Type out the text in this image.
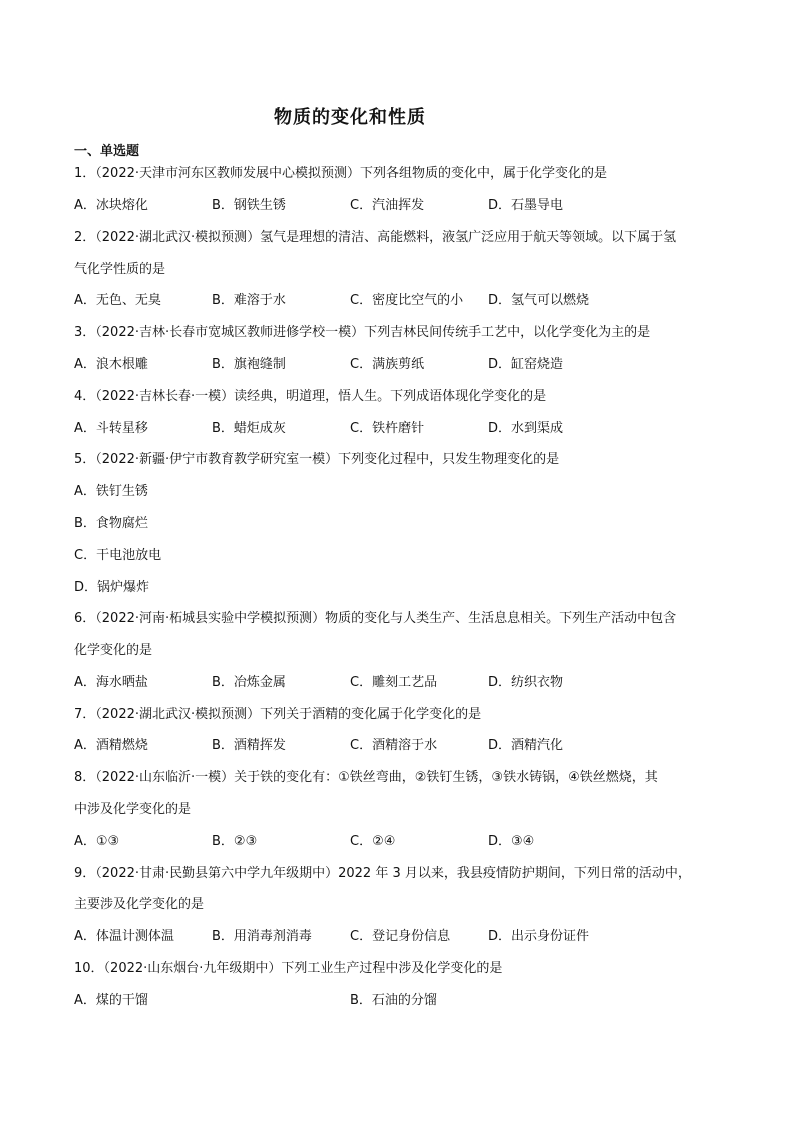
物质的变化和性质
一、单选题
1．（2022·天津市河东区教师发展中心模拟预测）下列各组物质的变化中，属于化学变化的是
A．冰块熔化	B．钢铁生锈	C．汽油挥发	D．石墨导电
2．（2022·湖北武汉·模拟预测）氢气是理想的清洁、高能燃料，液氢广泛应用于航天等领域。以下属于氢
气化学性质的是
A．无色、无臭	B．难溶于水	C．密度比空气的小 D．氢气可以燃烧
3．（2022·吉林·长春市宽城区教师进修学校一模）下列吉林民间传统手工艺中，以化学变化为主的是
A．浪木根雕	B．旗袍缝制	C．满族剪纸	D．缸窑烧造
4．（2022·吉林长春·一模）读经典，明道理，悟人生。下列成语体现化学变化的是
A．斗转星移	B．蜡炬成灰	C．铁杵磨针	D．水到渠成
5．（2022·新疆·伊宁市教育教学研究室一模）下列变化过程中，只发生物理变化的是
A．铁钉生锈
B．食物腐烂
C．干电池放电
D．锅炉爆炸
6．（2022·河南·柘城县实验中学模拟预测）物质的变化与人类生产、生活息息相关。下列生产活动中包含
化学变化的是
A．海水晒盐	B．冶炼金属	C．雕刻工艺品	D．纺织衣物
7．（2022·湖北武汉·模拟预测）下列关于酒精的变化属于化学变化的是
A．酒精燃烧	B．酒精挥发	C．酒精溶于水	D．酒精汽化
8．（2022·山东临沂·一模）关于铁的变化有：①铁丝弯曲，②铁钉生锈，③铁水铸锅，④铁丝燃烧，其
中涉及化学变化的是
A．①③	B．②③	C．②④	D．③④
9．（2022·甘肃·民勤县第六中学九年级期中）2022 年 3 月以来，我县疫情防护期间，下列日常的活动中，
主要涉及化学变化的是
A．体温计测体温	B．用消毒剂消毒	C．登记身份信息	D．出示身份证件
10．（2022·山东烟台·九年级期中）下列工业生产过程中涉及化学变化的是
A．煤的干馏	B．石油的分馏
